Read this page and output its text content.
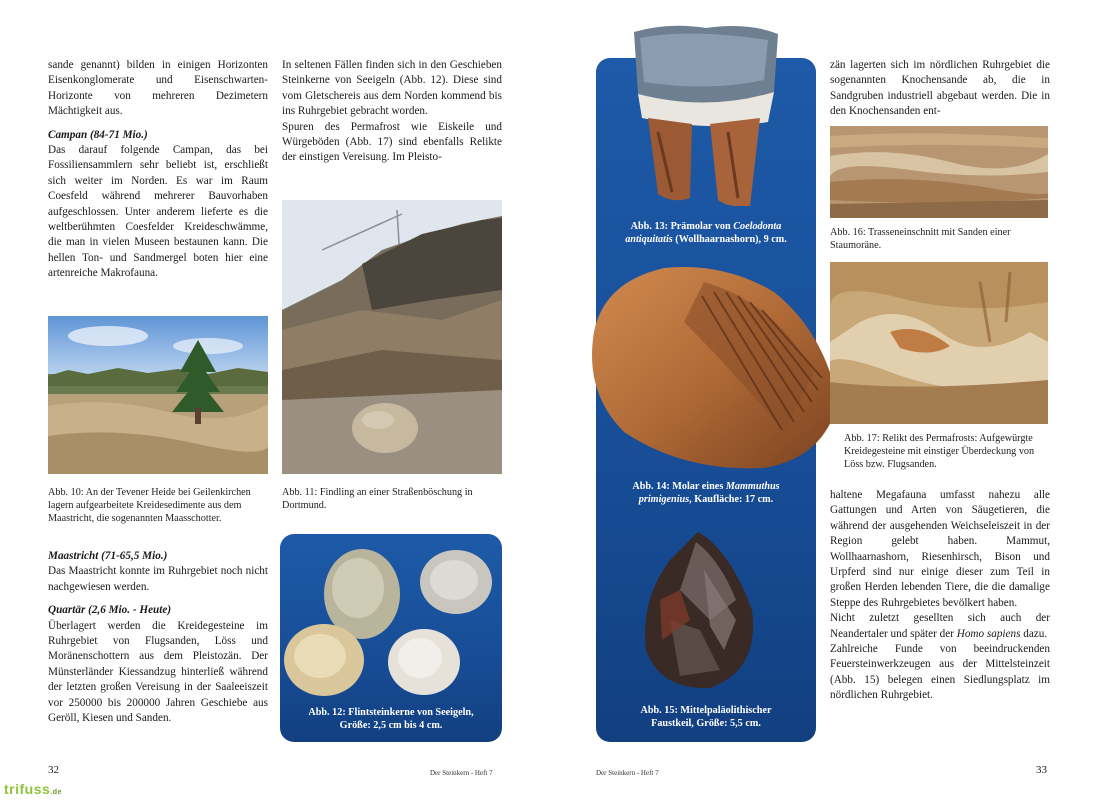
sande genannt) bilden in einigen Horizonten Eisenkonglomerate und Eisenschwarten-Horizonte von mehreren Dezimetern Mächtigkeit aus.

Campan (84-71 Mio.)

Das darauf folgende Campan, das bei Fossiliensammlern sehr beliebt ist, erschließt sich weiter im Norden. Es war im Raum Coesfeld während mehrerer Bauvorhaben aufgeschlossen. Unter anderem lieferte es die weltberühmten Coesfelder Kreideschwämme, die man in vielen Museen bestaunen kann. Die hellen Ton- und Sandmergel boten hier eine artenreiche Makrofauna.

Abb. 10: An der Tevener Heide bei Geilenkirchen lagern aufgearbeitete Kreidesedimente aus dem Maastricht, die sogenannten Maasschotter.

Maastricht (71-65,5 Mio.)

Das Maastricht konnte im Ruhrgebiet noch nicht nachgewiesen werden.

Quartär (2,6 Mio. - Heute)

Überlagert werden die Kreidegesteine im Ruhrgebiet von Flugsanden, Löss und Moränenschottern aus dem Pleistozän. Der Münsterländer Kiessandzug hinterließ während der letzten großen Vereisung in der Saaleeiszeit vor 250000 bis 200000 Jahren Geschiebe aus Geröll, Kiesen und Sanden.

In seltenen Fällen finden sich in den Geschieben Steinkerne von Seeigeln (Abb. 12). Diese sind vom Gletschereis aus dem Norden kommend bis ins Ruhrgebiet gebracht worden.

Spuren des Permafrost wie Eiskeile und Würgeböden (Abb. 17) sind ebenfalls Relikte der einstigen Vereisung. Im Pleisto-

Abb. 11: Findling an einer Straßenböschung in Dortmund.
Abb. 12: Flintsteinkerne von Seeigeln, Größe: 2,5 cm bis 4 cm.
32	Der Steinkern - Heft 7
Abb. 13: Prämolar von Coelodonta antiquitatis (Wollhaarnashorn), 9 cm.
Abb. 14: Molar eines Mammuthus primigenius, Kaufläche: 17 cm.
Abb. 15: Mittelpaläolithischer Faustkeil, Größe: 5,5 cm.

zän lagerten sich im nördlichen Ruhrgebiet die sogenannten Knochensande ab, die in Sandgruben industriell abgebaut werden. Die in den Knochensanden ent-

Abb. 16: Trasseneinschnitt mit Sanden einer Staumoräne.
Abb. 17: Relikt des Permafrosts: Aufgewürgte Kreidegesteine mit einstiger Überdeckung von Löss bzw. Flugsanden.

haltene Megafauna umfasst nahezu alle Gattungen und Arten von Säugetieren, die während der ausgehenden Weichseleiszeit in der Region gelebt haben. Mammut, Wollhaarnashorn, Riesenhirsch, Bison und Urpferd sind nur einige dieser zum Teil in großen Herden lebenden Tiere, die die damalige Steppe des Ruhrgebietes bevölkert haben.

Nicht zuletzt gesellten sich auch der Neandertaler und später der Homo sapiens dazu.

Zahlreiche Funde von beeindruckenden Feuersteinwerkzeugen aus der Mittelsteinzeit (Abb. 15) belegen einen Siedlungsplatz im nördlichen Ruhrgebiet.

Der Steinkern - Heft 7	33
trifuss.de
